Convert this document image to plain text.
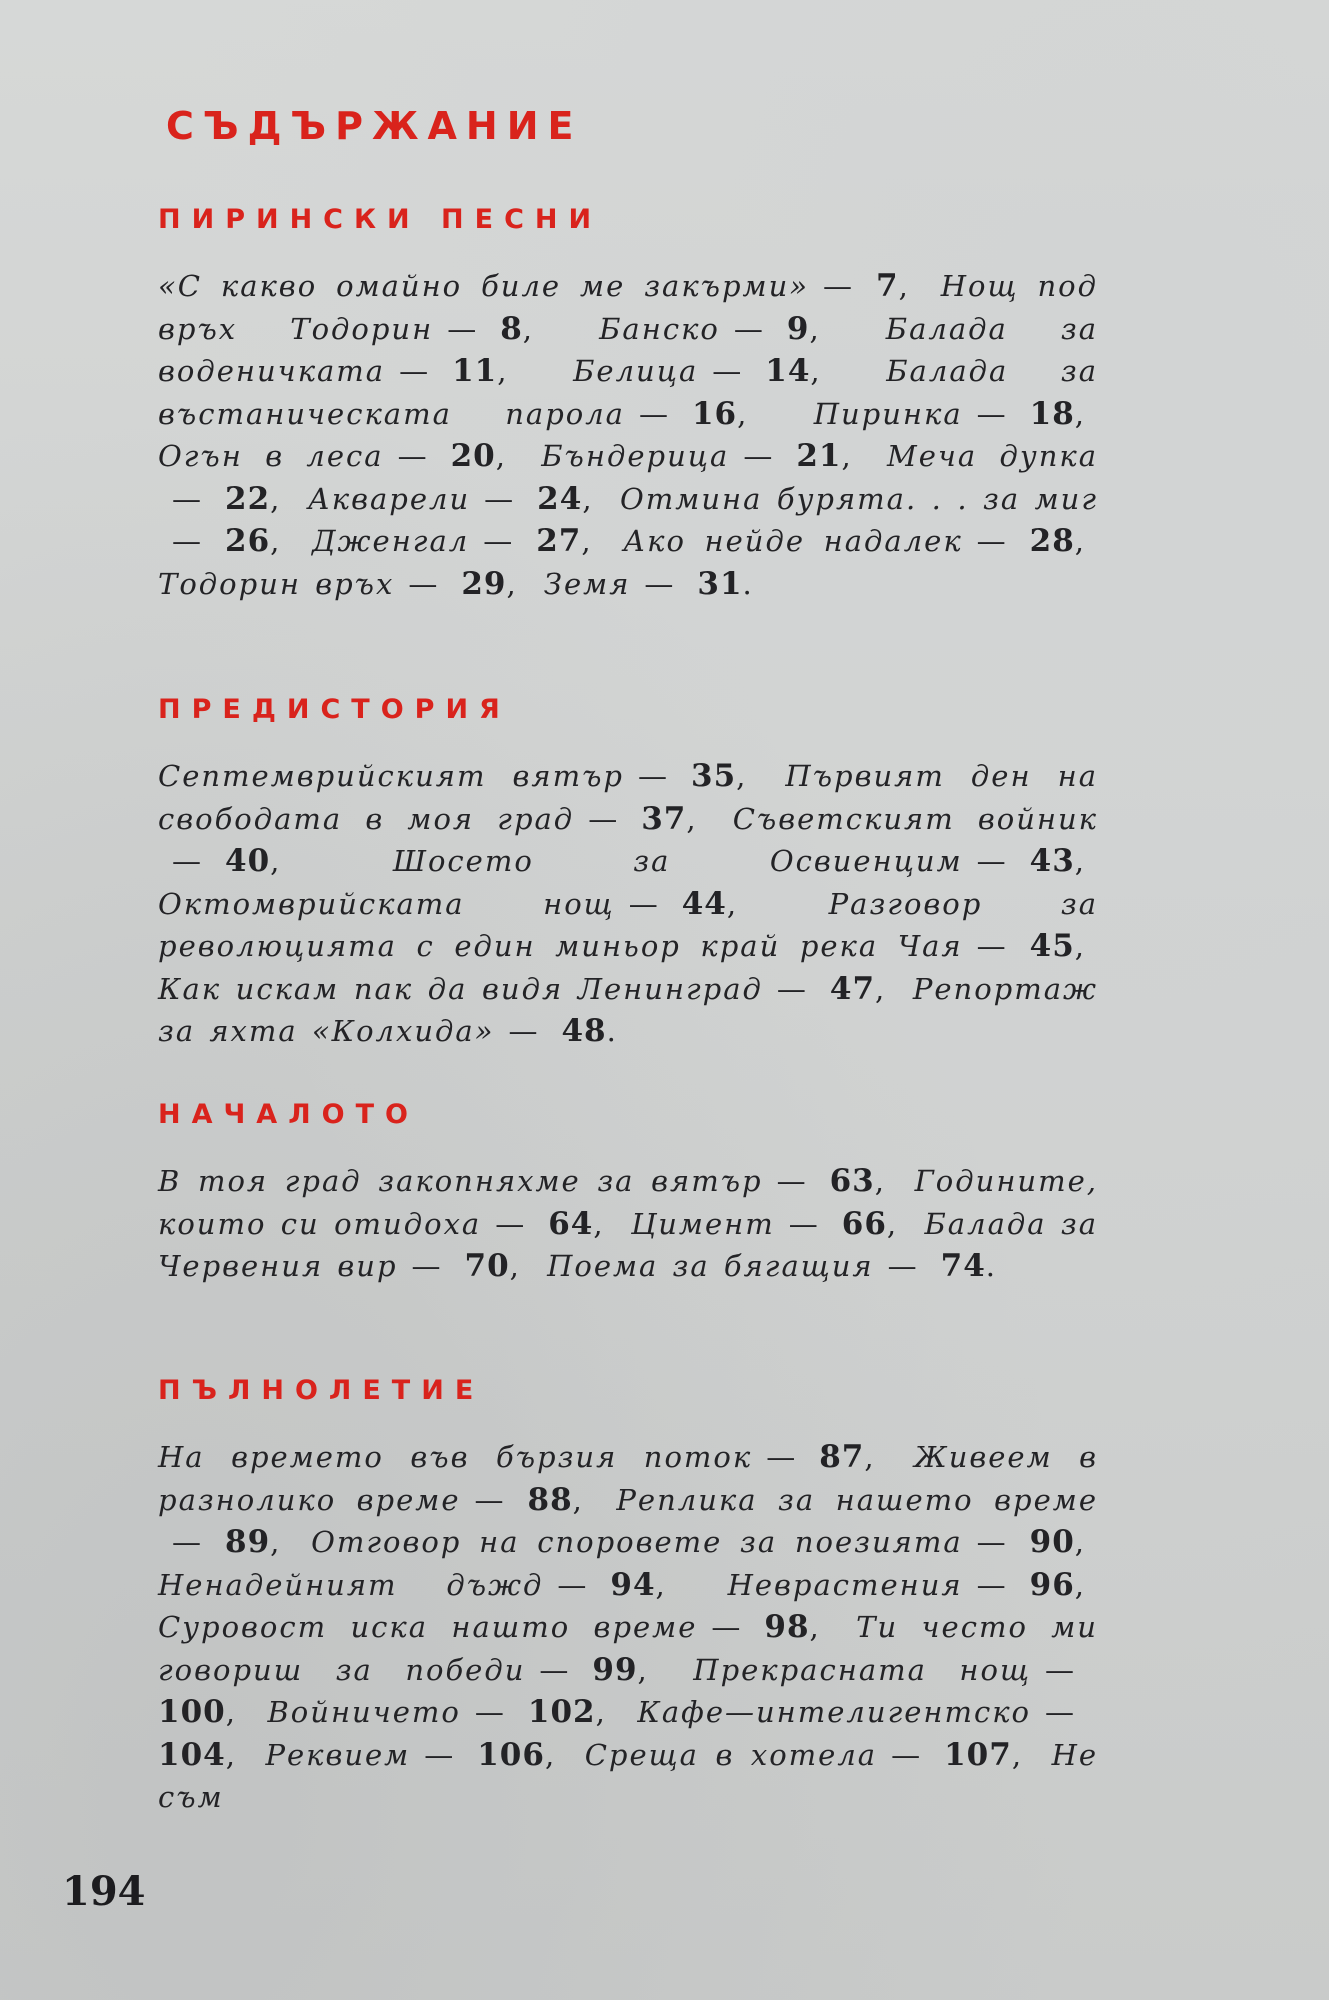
СЪДЪРЖАНИЕ
ПИРИНСКИ ПЕСНИ
«С какво омайно биле ме закърми» — 7, Нощ под връх Тодорин — 8, Банско — 9, Балада за воденичката — 11, Белица — 14, Балада за въстаническата парола — 16, Пиринка — 18, Огън в леса — 20, Бъндерица — 21, Мечa дупка— 22, Акварели — 24, Отмина бурята. . . за миг— 26, Дженгал — 27, Ако нейде надалек — 28, Тодорин връх — 29, Земя — 31.
ПРЕДИСТОРИЯ
Септемврийският вятър — 35, Първият ден на свободата в моя град — 37, Съветският войник— 40,	Шосето за Освиенцим — 43, Октомврийската нощ — 44,	Разговор за революцията с един миньор край река Чая — 45, Как искам пак да видя Ленинград — 47, Репортаж за яхта «Колхида» — 48.
НАЧАЛОТО
В тоя град закопняхме за вятър — 63, Годините, които си отидоха — 64, Цимент — 66, Балада за Червения вир — 70, Поема за бягащия — 74.
ПЪЛНОЛЕТИЕ
На времето във бързия поток — 87, Живеем в разнолико време — 88, Реплика за нашето време— 89, Отговор на споровете за поезията — 90, Ненадейният дъжд — 94, Неврастения — 96, Суровост иска нашто време — 98, Ти често ми говориш за победи — 99, Прекрасната нощ —100, Войничето — 102, Кафе—интелигентско —104, Реквием — 106, Среща в хотела — 107, Не съм

194
